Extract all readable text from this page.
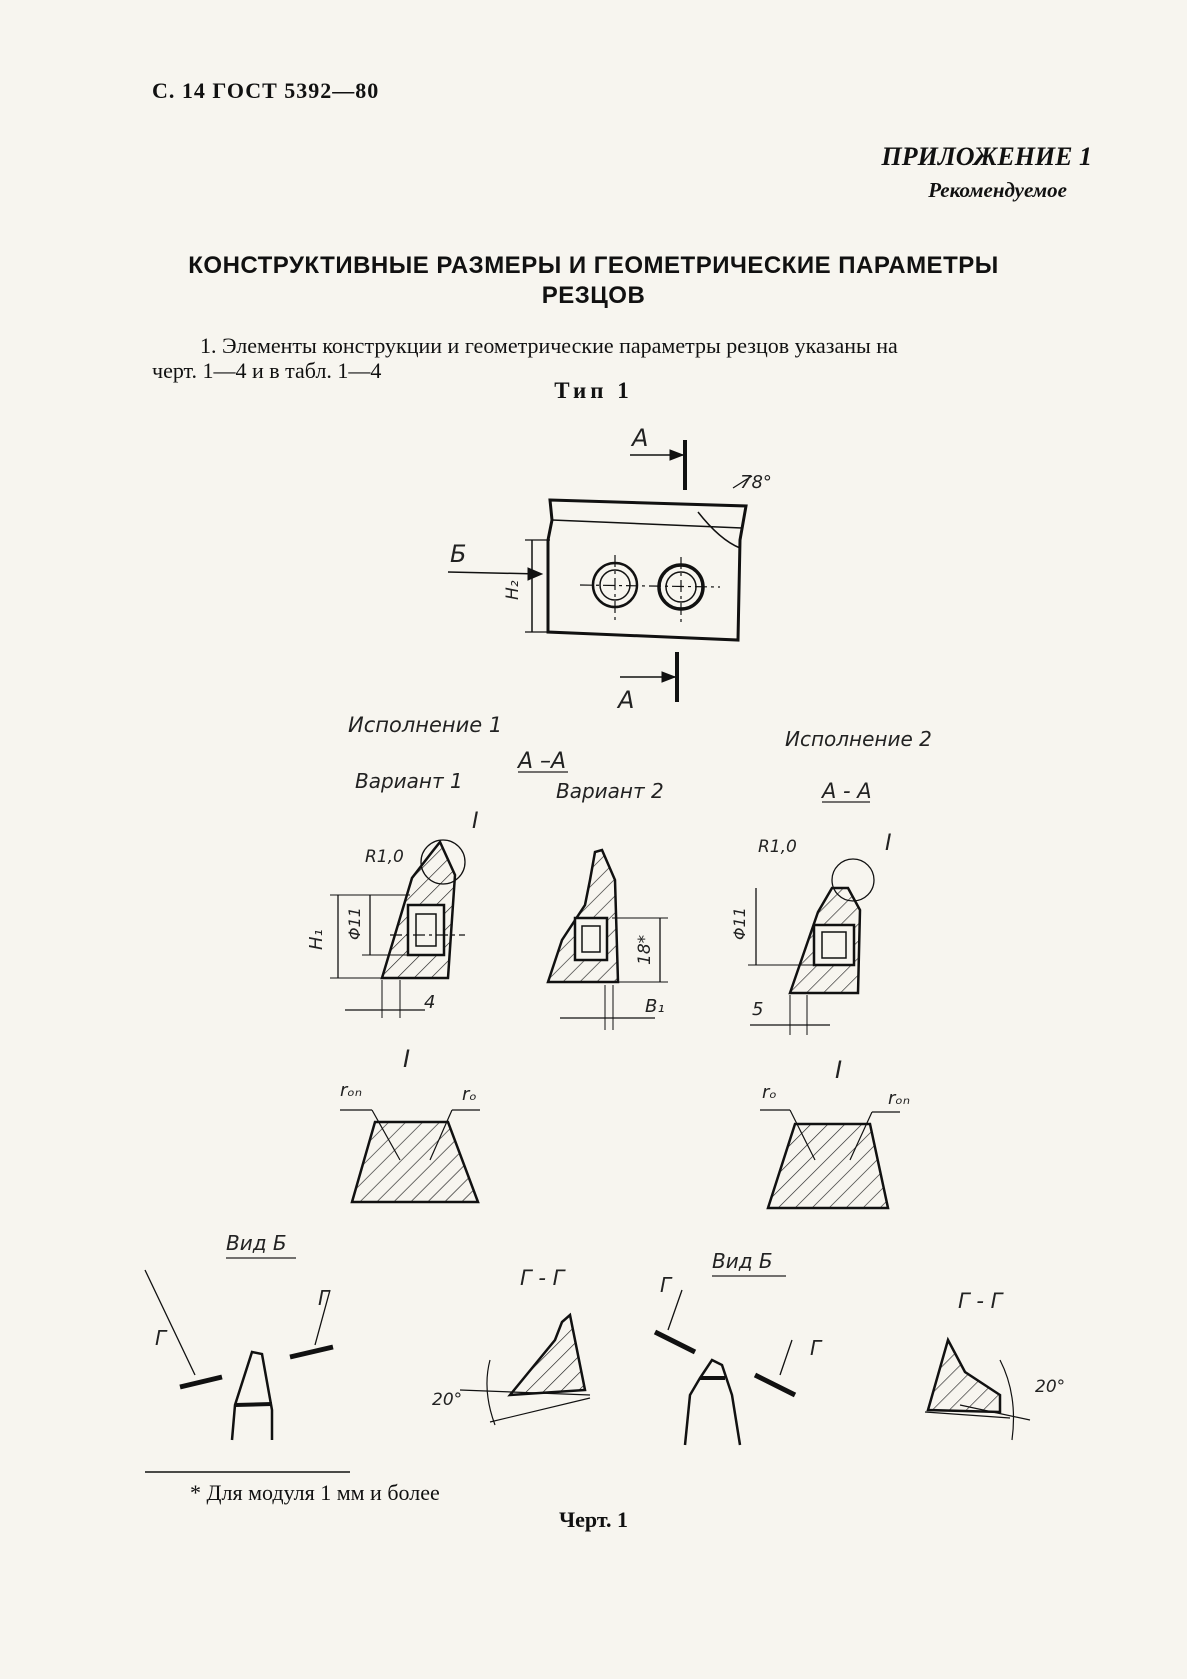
С. 14 ГОСТ 5392—80
ПРИЛОЖЕНИЕ 1
Рекомендуемое
КОНСТРУКТИВНЫЕ РАЗМЕРЫ И ГЕОМЕТРИЧЕСКИЕ ПАРАМЕТРЫ
РЕЗЦОВ
1. Элементы конструкции и геометрические параметры резцов указаны на
черт. 1—4 и в табл. 1—4
Тип 1
А
А
Б
78°
H₂
Исполнение 1
Исполнение 2
А –А
А - А
Вариант 1	Вариант 2
R1,0	R1,0
I
I
I	I
H₁ Φ11	Φ11
4
18*
B₁	5
rₒₙ	rₒ	rₒ	rₒₙ
Вид Б
Вид Б
Г
Г
Г
Г
Г - Г
Г - Г
20°
20°
* Для модуля 1 мм и более
Черт. 1
